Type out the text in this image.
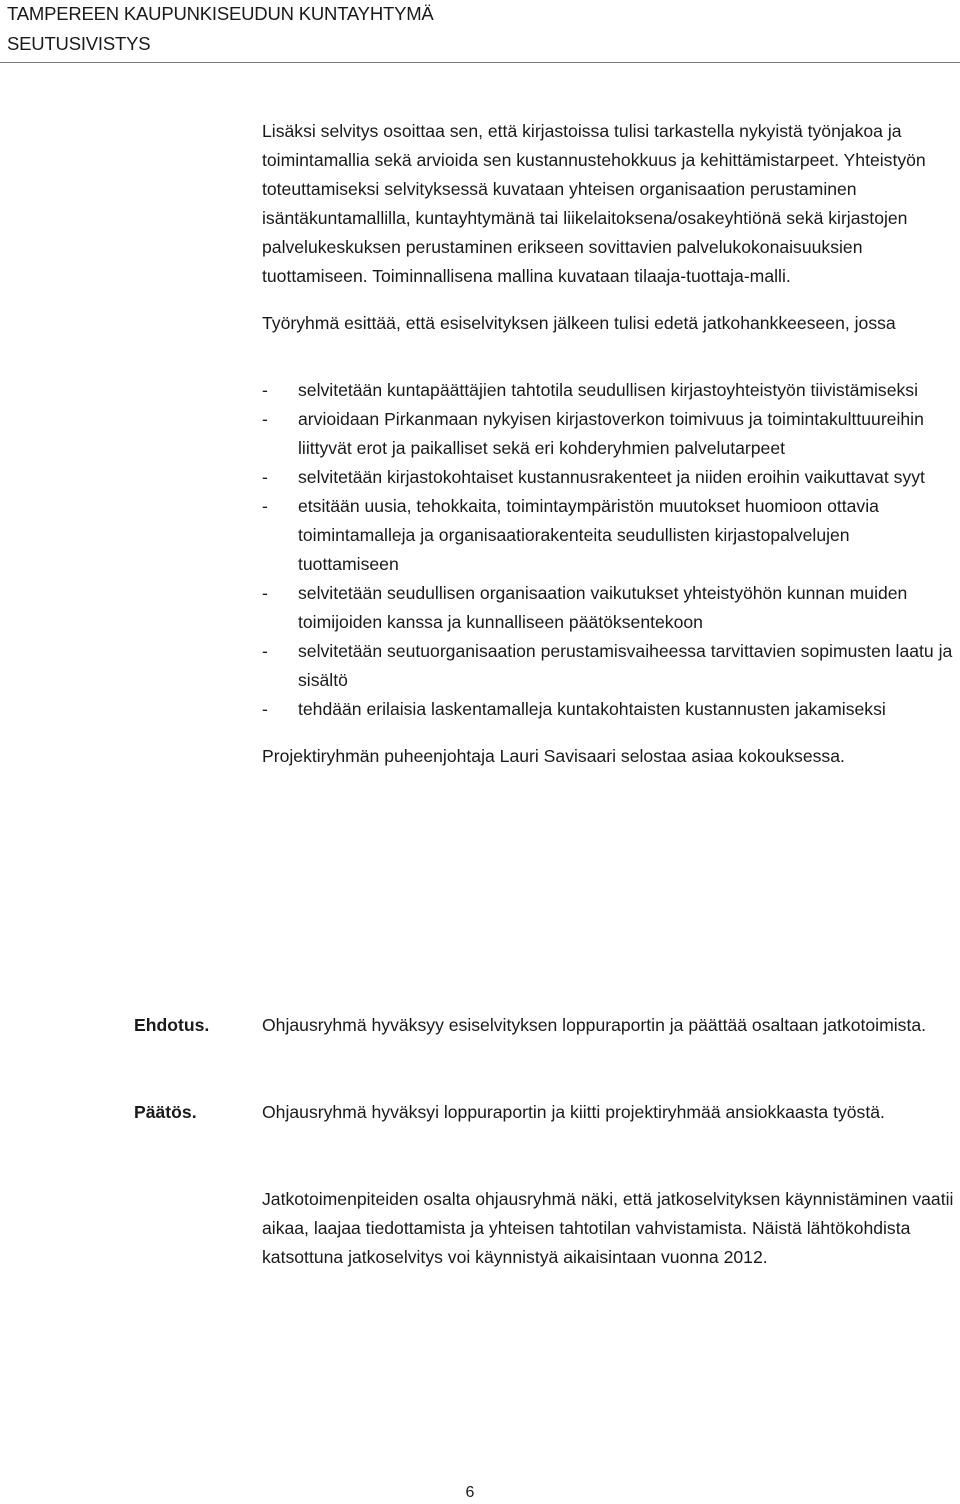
TAMPEREEN KAUPUNKISEUDUN KUNTAYHTYMÄ
SEUTUSIVISTYS

Lisäksi selvitys osoittaa sen, että kirjastoissa tulisi tarkastella nykyistä työnjakoa ja toimintamallia sekä arvioida sen kustannustehokkuus ja kehittämistarpeet. Yhteistyön toteuttamiseksi selvityksessä kuvataan yhteisen organisaation perustaminen isäntäkuntamallilla, kuntayhtymänä tai liikelaitoksena/osakeyhtiönä sekä kirjastojen palvelukeskuksen perustaminen erikseen sovittavien palvelukokonaisuuksien tuottamiseen. Toiminnallisena mallina kuvataan tilaaja-tuottaja-malli.

Työryhmä esittää, että esiselvityksen jälkeen tulisi edetä jatkohankkeeseen, jossa

- selvitetään kuntapäättäjien tahtotila seudullisen kirjastoyhteistyön tiivistämiseksi
- arvioidaan Pirkanmaan nykyisen kirjastoverkon toimivuus ja toimintakulttuureihin liittyvät erot ja paikalliset sekä eri kohderyhmien palvelutarpeet
- selvitetään kirjastokohtaiset kustannusrakenteet ja niiden eroihin vaikuttavat syyt
- etsitään uusia, tehokkaita, toimintaympäristön muutokset huomioon ottavia toimintamalleja ja organisaatiorakenteita seudullisten kirjastopalvelujen tuottamiseen
- selvitetään seudullisen organisaation vaikutukset yhteistyöhön kunnan muiden toimijoiden kanssa ja kunnalliseen päätöksentekoon
- selvitetään seutuorganisaation perustamisvaiheessa tarvittavien sopimusten laatu ja sisältö
- tehdään erilaisia laskentamalleja kuntakohtaisten kustannusten jakamiseksi

Projektiryhmän puheenjohtaja Lauri Savisaari selostaa asiaa kokouksessa.

Ehdotus.	Ohjausryhmä hyväksyy esiselvityksen loppuraportin ja päättää osaltaan jatkotoimista.
Päätös.	Ohjausryhmä hyväksyi loppuraportin ja kiitti projektiryhmää ansiokkaasta työstä.
Jatkotoimenpiteiden osalta ohjausryhmä näki, että jatkoselvityksen käynnistäminen vaatii aikaa, laajaa tiedottamista ja yhteisen tahtotilan vahvistamista. Näistä lähtökohdista katsottuna jatkoselvitys voi käynnistyä aikaisintaan vuonna 2012.
6
